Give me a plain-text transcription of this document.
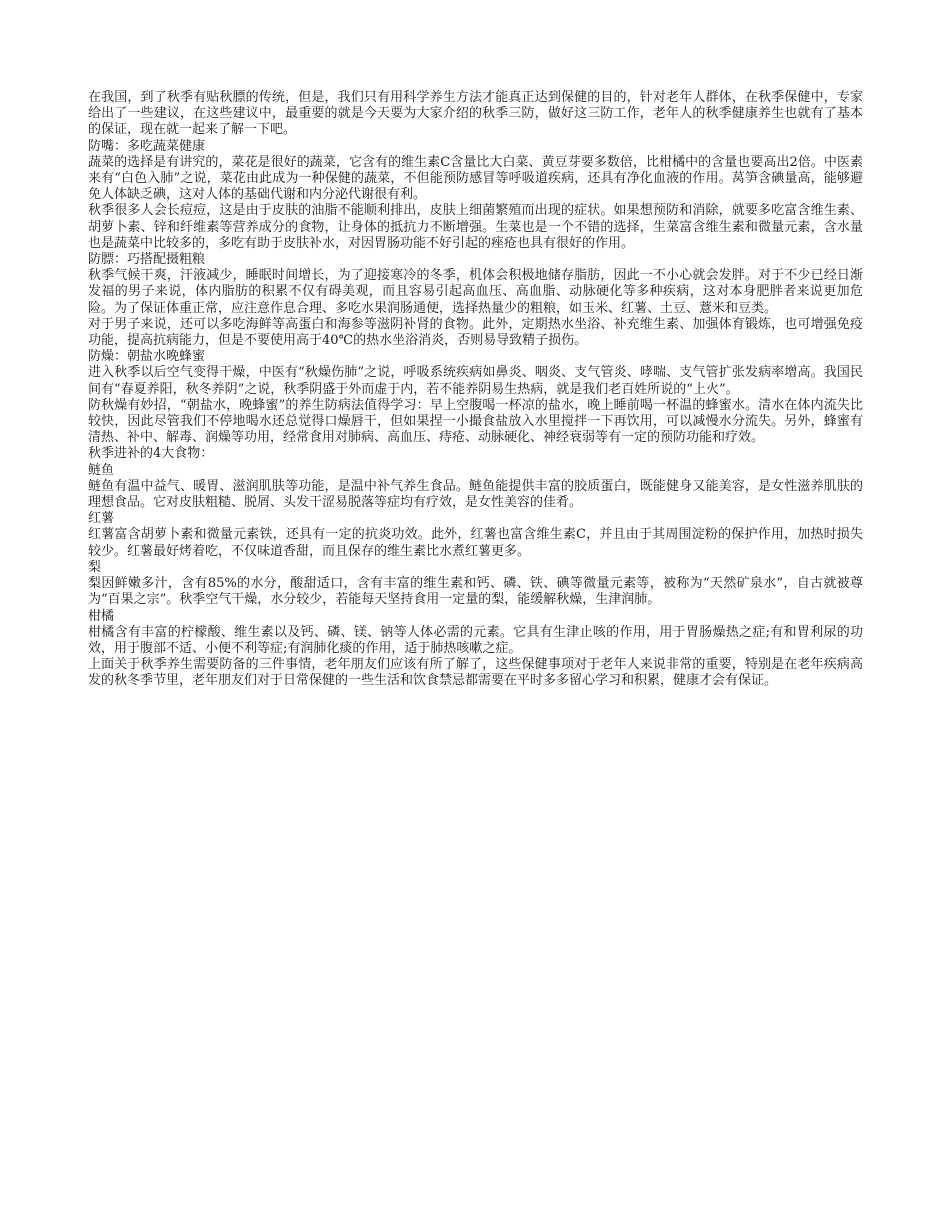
在我国，到了秋季有贴秋膘的传统，但是，我们只有用科学养生方法才能真正达到保健的目的，针对老年人群体，在秋季保健中，专家给出了一些建议，在这些建议中，最重要的就是今天要为大家介绍的秋季三防，做好这三防工作，老年人的秋季健康养生也就有了基本的保证，现在就一起来了解一下吧。

防嘴：多吃蔬菜健康

蔬菜的选择是有讲究的，菜花是很好的蔬菜，它含有的维生素C含量比大白菜、黄豆芽要多数倍，比柑橘中的含量也要高出2倍。中医素来有“白色入肺”之说，菜花由此成为一种保健的蔬菜，不但能预防感冒等呼吸道疾病，还具有净化血液的作用。莴笋含碘量高，能够避免人体缺乏碘，这对人体的基础代谢和内分泌代谢很有利。

秋季很多人会长痘痘，这是由于皮肤的油脂不能顺利排出，皮肤上细菌繁殖而出现的症状。如果想预防和消除，就要多吃富含维生素、胡萝卜素、锌和纤维素等营养成分的食物，让身体的抵抗力不断增强。生菜也是一个不错的选择，生菜富含维生素和微量元素，含水量也是蔬菜中比较多的，多吃有助于皮肤补水，对因胃肠功能不好引起的痤疮也具有很好的作用。

防膘：巧搭配摄粗粮

秋季气候干爽，汗液减少，睡眠时间增长，为了迎接寒冷的冬季，机体会积极地储存脂肪，因此一不小心就会发胖。对于不少已经日渐发福的男子来说，体内脂肪的积累不仅有碍美观，而且容易引起高血压、高血脂、动脉硬化等多种疾病，这对本身肥胖者来说更加危险。为了保证体重正常，应注意作息合理、多吃水果润肠通便，选择热量少的粗粮，如玉米、红薯、土豆、薏米和豆类。

对于男子来说，还可以多吃海鲜等高蛋白和海参等滋阴补肾的食物。此外，定期热水坐浴、补充维生素、加强体育锻炼，也可增强免疫功能，提高抗病能力，但是不要使用高于40℃的热水坐浴消炎，否则易导致精子损伤。

防燥：朝盐水晚蜂蜜

进入秋季以后空气变得干燥，中医有“秋燥伤肺”之说，呼吸系统疾病如鼻炎、咽炎、支气管炎、哮喘、支气管扩张发病率增高。我国民间有“春夏养阳，秋冬养阴”之说，秋季阴盛于外而虚于内，若不能养阴易生热病，就是我们老百姓所说的“上火”。

防秋燥有妙招，“朝盐水，晚蜂蜜”的养生防病法值得学习：早上空腹喝一杯凉的盐水，晚上睡前喝一杯温的蜂蜜水。清水在体内流失比较快，因此尽管我们不停地喝水还总觉得口燥唇干，但如果捏一小撮食盐放入水里搅拌一下再饮用，可以减慢水分流失。另外，蜂蜜有清热、补中、解毒、润燥等功用，经常食用对肺病、高血压、痔疮、动脉硬化、神经衰弱等有一定的预防功能和疗效。

秋季进补的4大食物：

鲢鱼

鲢鱼有温中益气、暖胃、滋润肌肤等功能，是温中补气养生食品。鲢鱼能提供丰富的胶质蛋白，既能健身又能美容，是女性滋养肌肤的理想食品。它对皮肤粗糙、脱屑、头发干涩易脱落等症均有疗效，是女性美容的佳肴。

红薯

红薯富含胡萝卜素和微量元素铁，还具有一定的抗炎功效。此外，红薯也富含维生素C，并且由于其周围淀粉的保护作用，加热时损失较少。红薯最好烤着吃，不仅味道香甜，而且保存的维生素比水煮红薯更多。

梨

梨因鲜嫩多汁，含有85%的水分，酸甜适口，含有丰富的维生素和钙、磷、铁、碘等微量元素等，被称为“天然矿泉水”，自古就被尊为“百果之宗”。秋季空气干燥，水分较少，若能每天坚持食用一定量的梨，能缓解秋燥，生津润肺。

柑橘

柑橘含有丰富的柠檬酸、维生素以及钙、磷、镁、钠等人体必需的元素。它具有生津止咳的作用，用于胃肠燥热之症;有和胃利尿的功效，用于腹部不适、小便不利等症;有润肺化痰的作用，适于肺热咳嗽之症。

上面关于秋季养生需要防备的三件事情，老年朋友们应该有所了解了，这些保健事项对于老年人来说非常的重要，特别是在老年疾病高发的秋冬季节里，老年朋友们对于日常保健的一些生活和饮食禁忌都需要在平时多多留心学习和积累，健康才会有保证。
